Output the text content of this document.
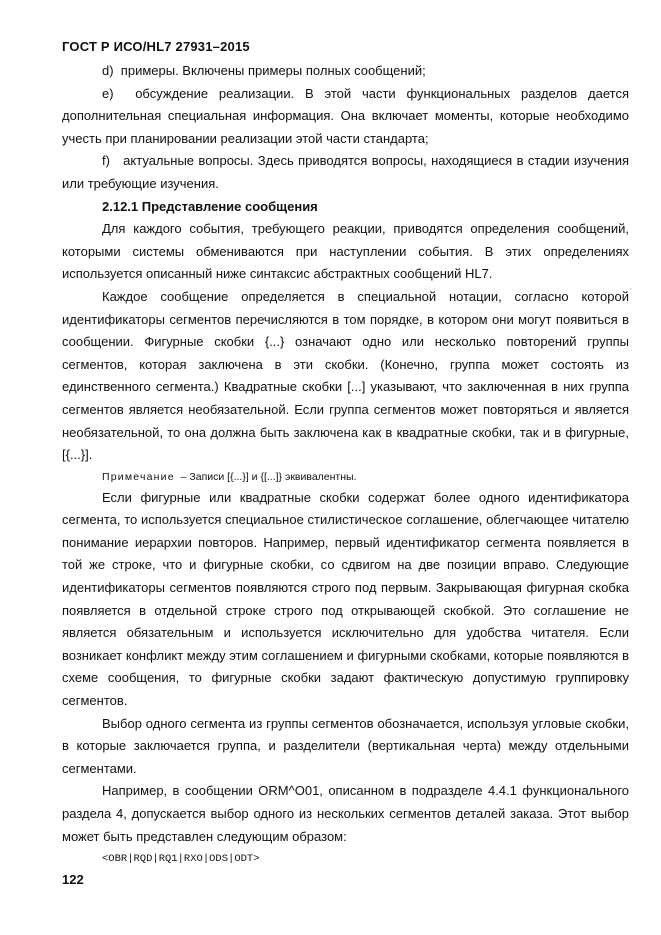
ГОСТ Р ИСО/HL7 27931–2015

d) примеры. Включены примеры полных сообщений;

e) обсуждение реализации. В этой части функциональных разделов дается дополнительная специальная информация. Она включает моменты, которые необходимо учесть при планировании реализации этой части стандарта;

f) актуальные вопросы. Здесь приводятся вопросы, находящиеся в стадии изучения или требующие изучения.

2.12.1 Представление сообщения

Для каждого события, требующего реакции, приводятся определения сообщений, которыми системы обмениваются при наступлении события. В этих определениях используется описанный ниже синтаксис абстрактных сообщений HL7.

Каждое сообщение определяется в специальной нотации, согласно которой идентификаторы сегментов перечисляются в том порядке, в котором они могут появиться в сообщении. Фигурные скобки {...} означают одно или несколько повторений группы сегментов, которая заключена в эти скобки. (Конечно, группа может состоять из единственного сегмента.) Квадратные скобки [...] указывают, что заключенная в них группа сегментов является необязательной. Если группа сегментов может повторяться и является необязательной, то она должна быть заключена как в квадратные скобки, так и в фигурные, [{...}].

Примечание – Записи [{...}] и {[...]} эквивалентны.

Если фигурные или квадратные скобки содержат более одного идентификатора сегмента, то используется специальное стилистическое соглашение, облегчающее читателю понимание иерархии повторов. Например, первый идентификатор сегмента появляется в той же строке, что и фигурные скобки, со сдвигом на две позиции вправо. Следующие идентификаторы сегментов появляются строго под первым. Закрывающая фигурная скобка появляется в отдельной строке строго под открывающей скобкой. Это соглашение не является обязательным и используется исключительно для удобства читателя. Если возникает конфликт между этим соглашением и фигурными скобками, которые появляются в схеме сообщения, то фигурные скобки задают фактическую допустимую группировку сегментов.

Выбор одного сегмента из группы сегментов обозначается, используя угловые скобки, в которые заключается группа, и разделители (вертикальная черта) между отдельными сегментами.

Например, в сообщении ORM^O01, описанном в подразделе 4.4.1 функционального раздела 4, допускается выбор одного из нескольких сегментов деталей заказа. Этот выбор может быть представлен следующим образом:

<OBR|RQD|RQ1|RXO|ODS|ODT>

122
